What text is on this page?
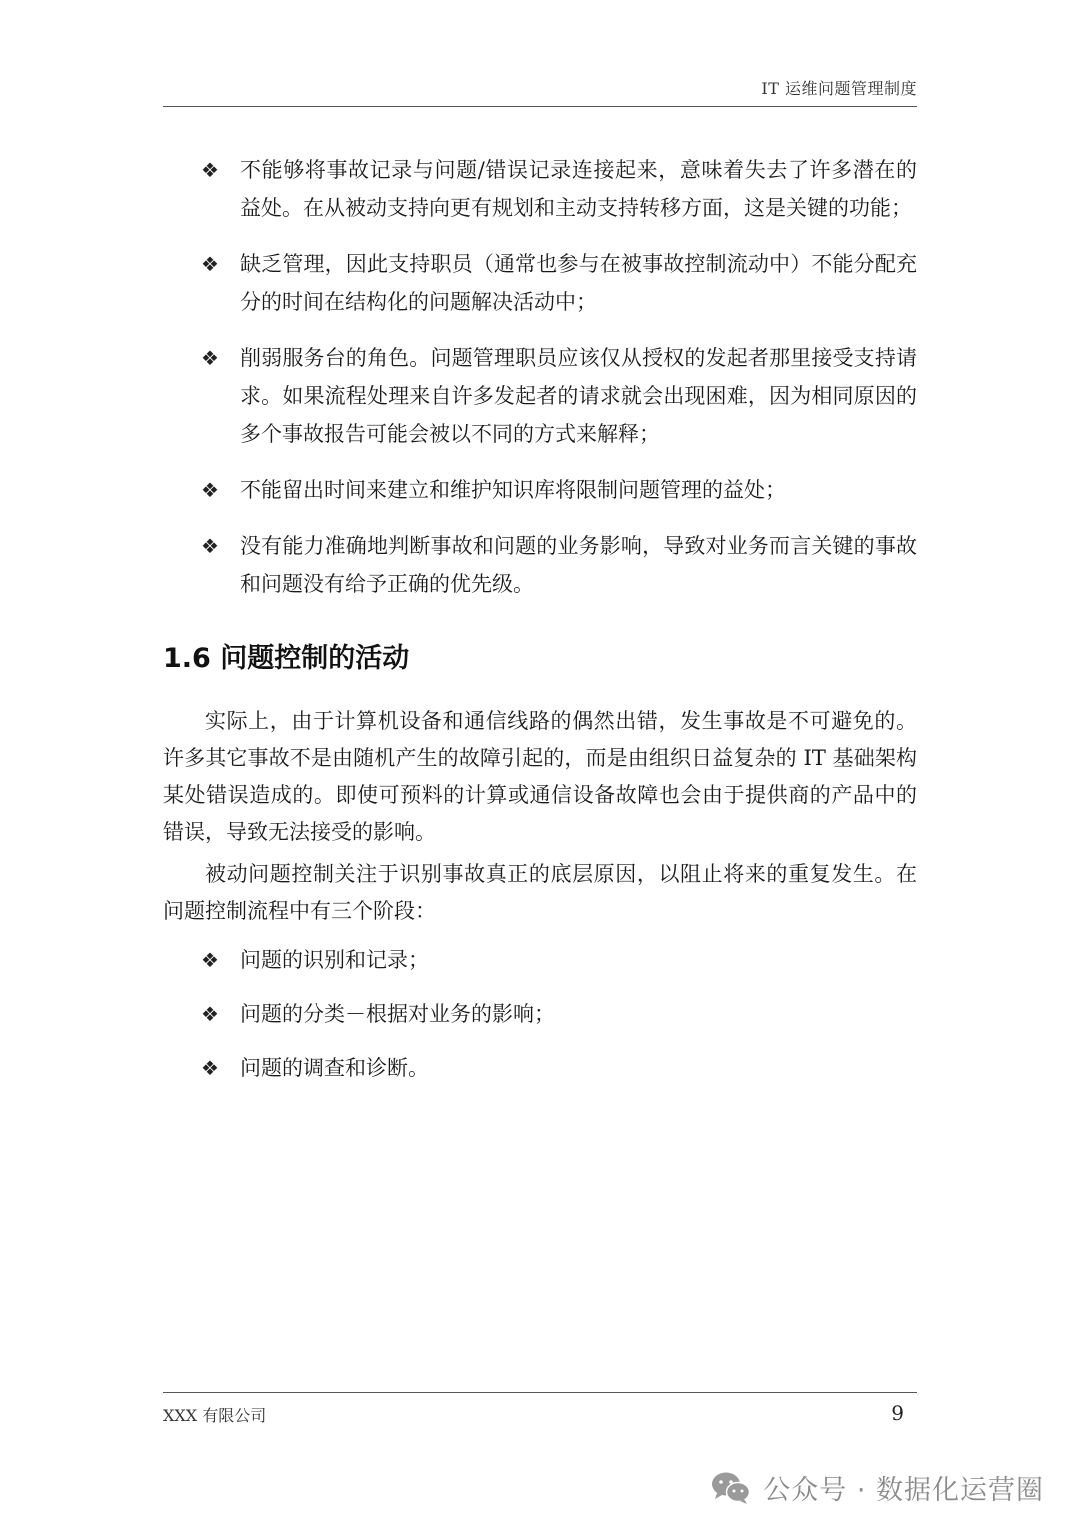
IT 运维问题管理制度
❖ 不能够将事故记录与问题/错误记录连接起来，意味着失去了许多潜在的益处。在从被动支持向更有规划和主动支持转移方面，这是关键的功能；
❖ 缺乏管理，因此支持职员（通常也参与在被事故控制流动中）不能分配充分的时间在结构化的问题解决活动中；
❖ 削弱服务台的角色。问题管理职员应该仅从授权的发起者那里接受支持请求。如果流程处理来自许多发起者的请求就会出现困难，因为相同原因的多个事故报告可能会被以不同的方式来解释；
❖ 不能留出时间来建立和维护知识库将限制问题管理的益处；
❖ 没有能力准确地判断事故和问题的业务影响，导致对业务而言关键的事故和问题没有给予正确的优先级。
1.6 问题控制的活动

实际上，由于计算机设备和通信线路的偶然出错，发生事故是不可避免的。许多其它事故不是由随机产生的故障引起的，而是由组织日益复杂的 IT 基础架构某处错误造成的。即使可预料的计算或通信设备故障也会由于提供商的产品中的错误，导致无法接受的影响。

被动问题控制关注于识别事故真正的底层原因，以阻止将来的重复发生。在问题控制流程中有三个阶段：

❖ 问题的识别和记录；
❖ 问题的分类－根据对业务的影响；
❖ 问题的调查和诊断。
XXX 有限公司	9
公众号 · 数据化运营圈
